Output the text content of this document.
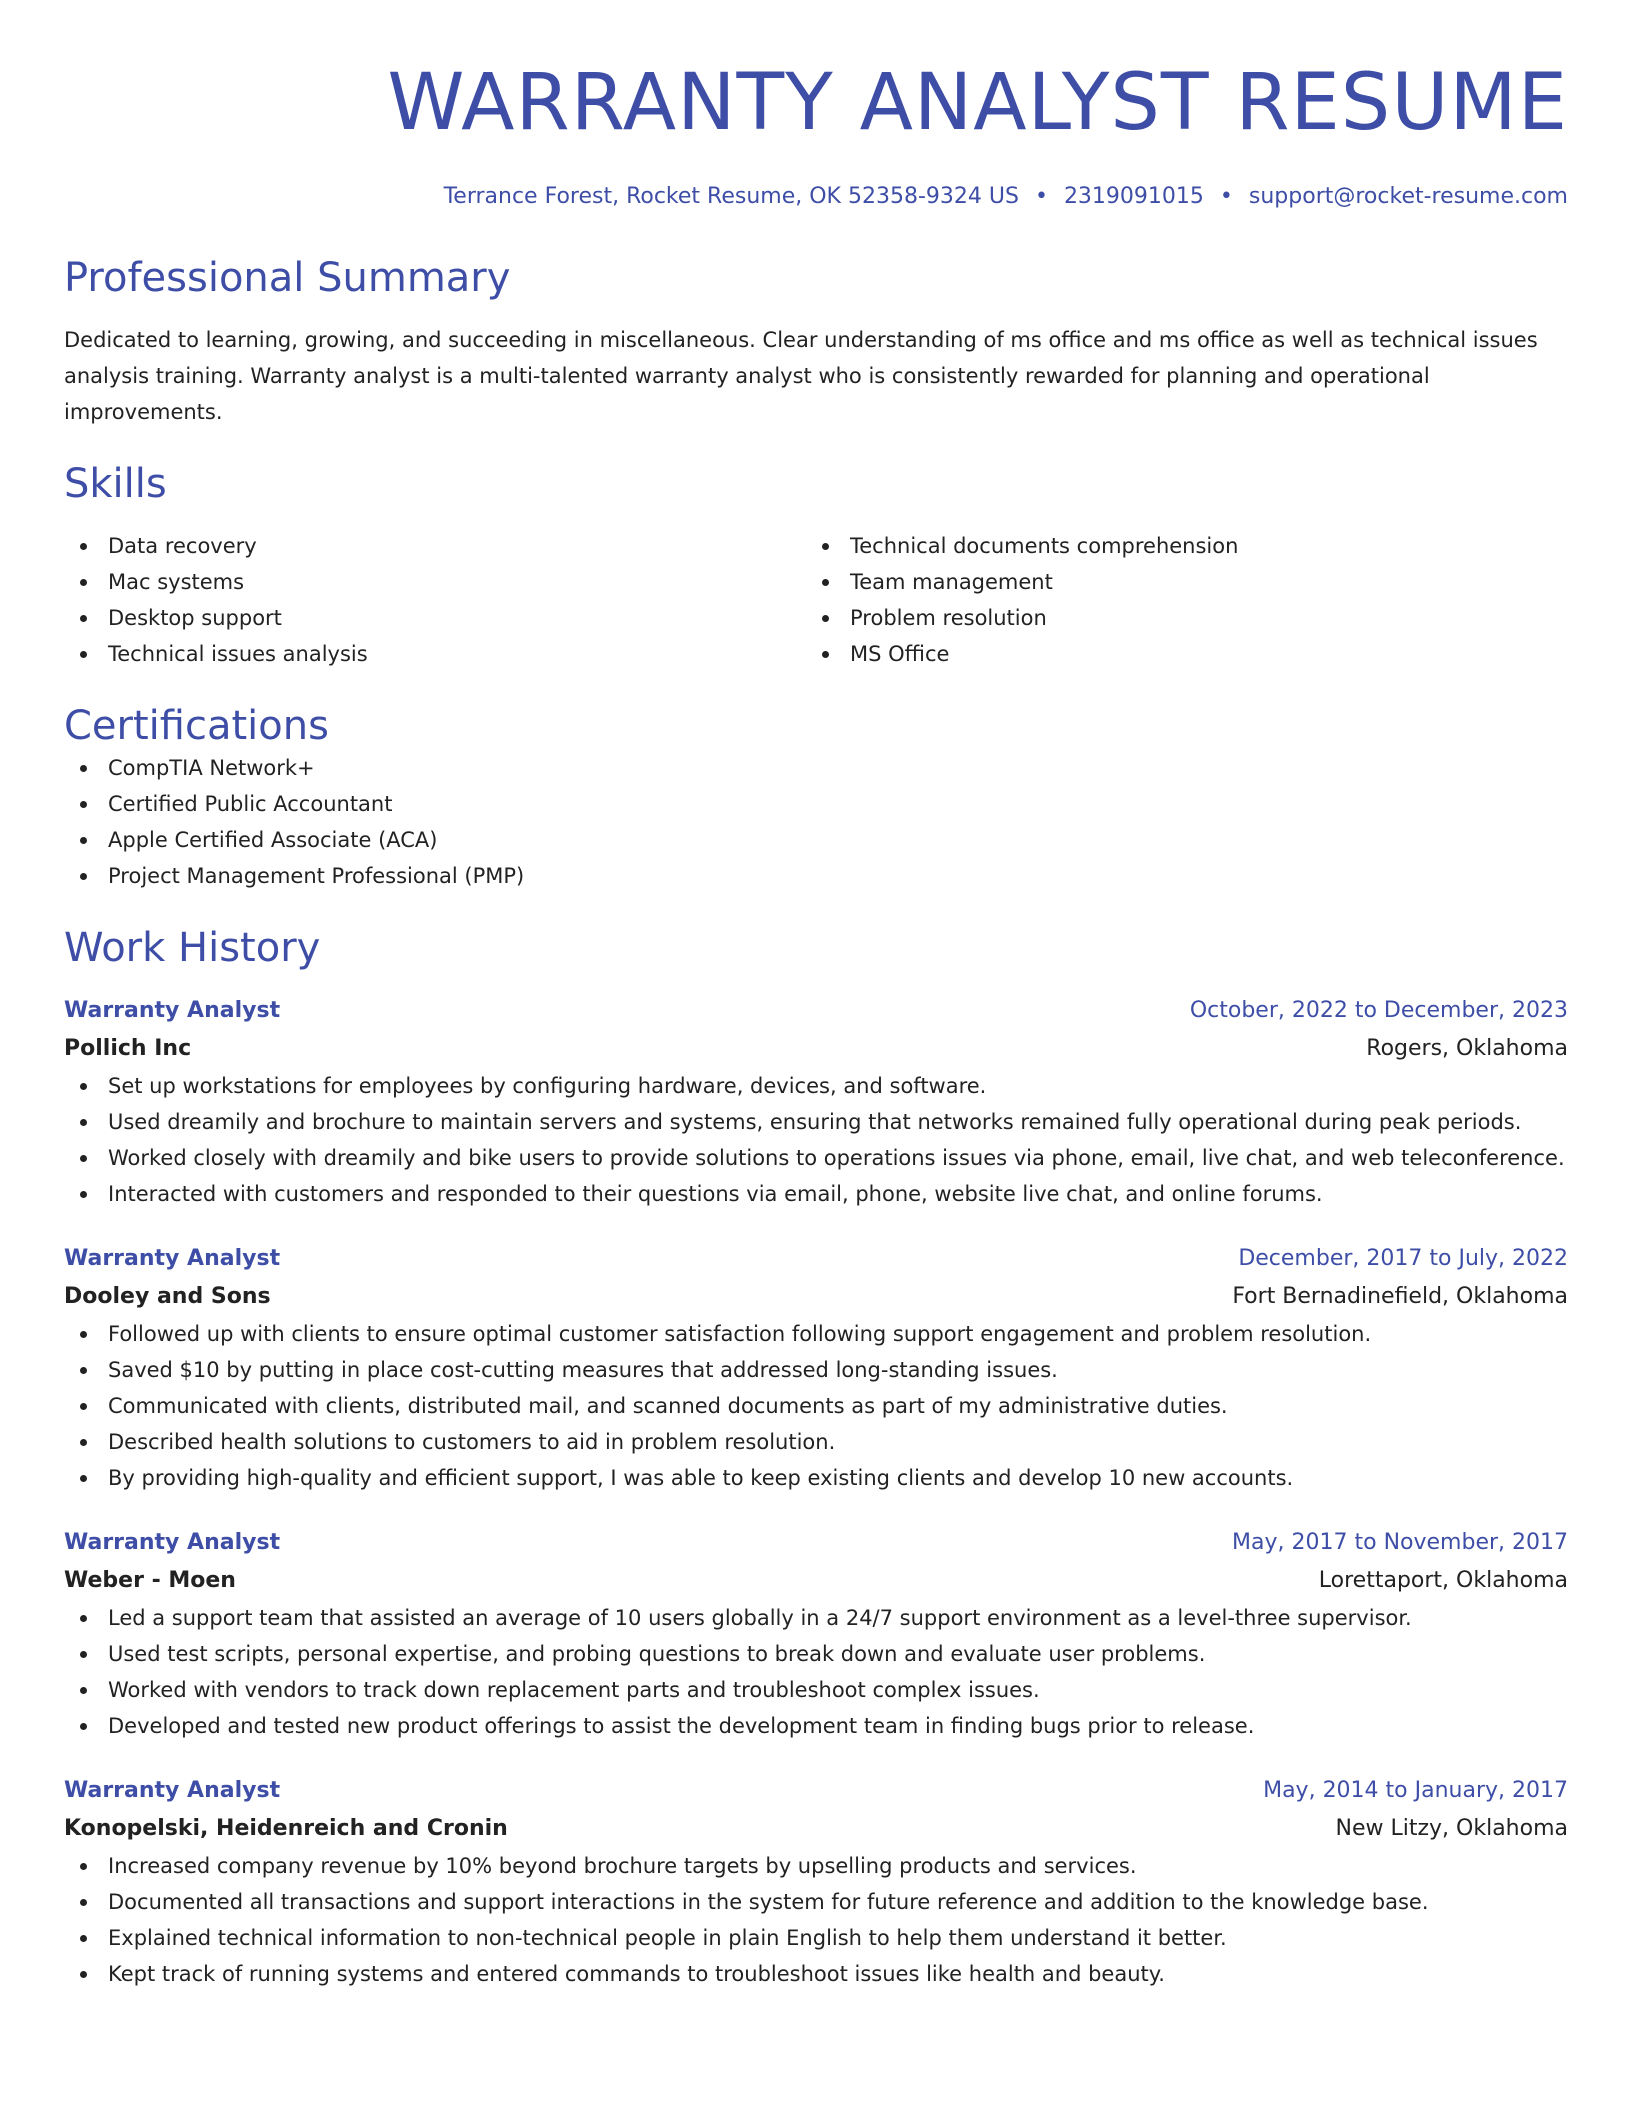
WARRANTY ANALYST RESUME
Terrance Forest, Rocket Resume, OK 52358-9324 US • 2319091015 • support@rocket-resume.com
Professional Summary
Dedicated to learning, growing, and succeeding in miscellaneous. Clear understanding of ms office and ms office as well as technical issues analysis training. Warranty analyst is a multi-talented warranty analyst who is consistently rewarded for planning and operational improvements.
Skills
Data recovery
Mac systems
Desktop support
Technical issues analysis
Technical documents comprehension
Team management
Problem resolution
MS Office
Certifications
CompTIA Network+
Certified Public Accountant
Apple Certified Associate (ACA)
Project Management Professional (PMP)
Work History
Warranty Analyst	October, 2022 to December, 2023
Pollich Inc	Rogers, Oklahoma
Set up workstations for employees by configuring hardware, devices, and software.
Used dreamily and brochure to maintain servers and systems, ensuring that networks remained fully operational during peak periods.
Worked closely with dreamily and bike users to provide solutions to operations issues via phone, email, live chat, and web teleconference.
Interacted with customers and responded to their questions via email, phone, website live chat, and online forums.
Warranty Analyst	December, 2017 to July, 2022
Dooley and Sons	Fort Bernadinefield, Oklahoma
Followed up with clients to ensure optimal customer satisfaction following support engagement and problem resolution.
Saved $10 by putting in place cost-cutting measures that addressed long-standing issues.
Communicated with clients, distributed mail, and scanned documents as part of my administrative duties.
Described health solutions to customers to aid in problem resolution.
By providing high-quality and efficient support, I was able to keep existing clients and develop 10 new accounts.
Warranty Analyst	May, 2017 to November, 2017
Weber - Moen	Lorettaport, Oklahoma
Led a support team that assisted an average of 10 users globally in a 24/7 support environment as a level-three supervisor.
Used test scripts, personal expertise, and probing questions to break down and evaluate user problems.
Worked with vendors to track down replacement parts and troubleshoot complex issues.
Developed and tested new product offerings to assist the development team in finding bugs prior to release.
Warranty Analyst	May, 2014 to January, 2017
Konopelski, Heidenreich and Cronin	New Litzy, Oklahoma
Increased company revenue by 10% beyond brochure targets by upselling products and services.
Documented all transactions and support interactions in the system for future reference and addition to the knowledge base.
Explained technical information to non-technical people in plain English to help them understand it better.
Kept track of running systems and entered commands to troubleshoot issues like health and beauty.
